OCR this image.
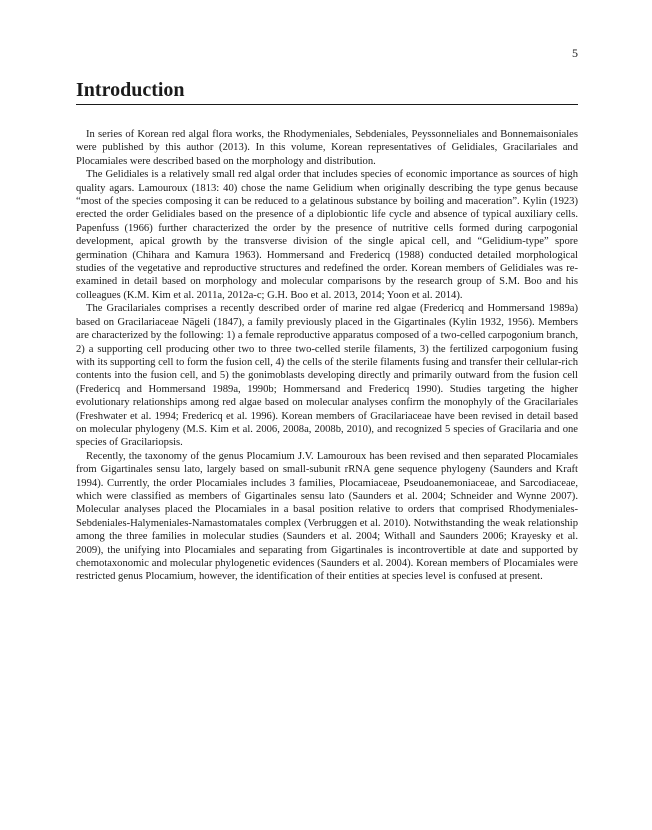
5
Introduction

In series of Korean red algal flora works, the Rhodymeniales, Sebdeniales, Peyssonneliales and Bonnemaisoniales were published by this author (2013). In this volume, Korean representatives of Gelidiales, Gracilariales and Plocamiales were described based on the morphology and distribution.

The Gelidiales is a relatively small red algal order that includes species of economic importance as sources of high quality agars. Lamouroux (1813: 40) chose the name Gelidium when originally describing the type genus because “most of the species composing it can be reduced to a gelatinous substance by boiling and maceration”. Kylin (1923) erected the order Gelidiales based on the presence of a diplobiontic life cycle and absence of typical auxiliary cells. Papenfuss (1966) further characterized the order by the presence of nutritive cells formed during carpogonial development, apical growth by the transverse division of the single apical cell, and “Gelidium-type” spore germination (Chihara and Kamura 1963). Hommersand and Fredericq (1988) conducted detailed morphological studies of the vegetative and reproductive structures and redefined the order. Korean members of Gelidiales was re-examined in detail based on morphology and molecular comparisons by the research group of S.M. Boo and his colleagues (K.M. Kim et al. 2011a, 2012a-c; G.H. Boo et al. 2013, 2014; Yoon et al. 2014).

The Gracilariales comprises a recently described order of marine red algae (Fredericq and Hommersand 1989a) based on Gracilariaceae Nägeli (1847), a family previously placed in the Gigartinales (Kylin 1932, 1956). Members are characterized by the following: 1) a female reproductive apparatus composed of a two-celled carpogonium branch, 2) a supporting cell producing other two to three two-celled sterile filaments, 3) the fertilized carpogonium fusing with its supporting cell to form the fusion cell, 4) the cells of the sterile filaments fusing and transfer their cellular-rich contents into the fusion cell, and 5) the gonimoblasts developing directly and primarily outward from the fusion cell (Fredericq and Hommersand 1989a, 1990b; Hommersand and Fredericq 1990). Studies targeting the higher evolutionary relationships among red algae based on molecular analyses confirm the monophyly of the Gracilariales (Freshwater et al. 1994; Fredericq et al. 1996). Korean members of Gracilariaceae have been revised in detail based on molecular phylogeny (M.S. Kim et al. 2006, 2008a, 2008b, 2010), and recognized 5 species of Gracilaria and one species of Gracilariopsis.

Recently, the taxonomy of the genus Plocamium J.V. Lamouroux has been revised and then separated Plocamiales from Gigartinales sensu lato, largely based on small-subunit rRNA gene sequence phylogeny (Saunders and Kraft 1994). Currently, the order Plocamiales includes 3 families, Plocamiaceae, Pseudoanemoniaceae, and Sarcodiaceae, which were classified as members of Gigartinales sensu lato (Saunders et al. 2004; Schneider and Wynne 2007). Molecular analyses placed the Plocamiales in a basal position relative to orders that comprised Rhodymeniales-Sebdeniales-Halymeniales-Namastomatales complex (Verbruggen et al. 2010). Notwithstanding the weak relationship among the three families in molecular studies (Saunders et al. 2004; Withall and Saunders 2006; Krayesky et al. 2009), the unifying into Plocamiales and separating from Gigartinales is incontrovertible at date and supported by chemotaxonomic and molecular phylogenetic evidences (Saunders et al. 2004). Korean members of Plocamiales were restricted genus Plocamium, however, the identification of their entities at species level is confused at present.
